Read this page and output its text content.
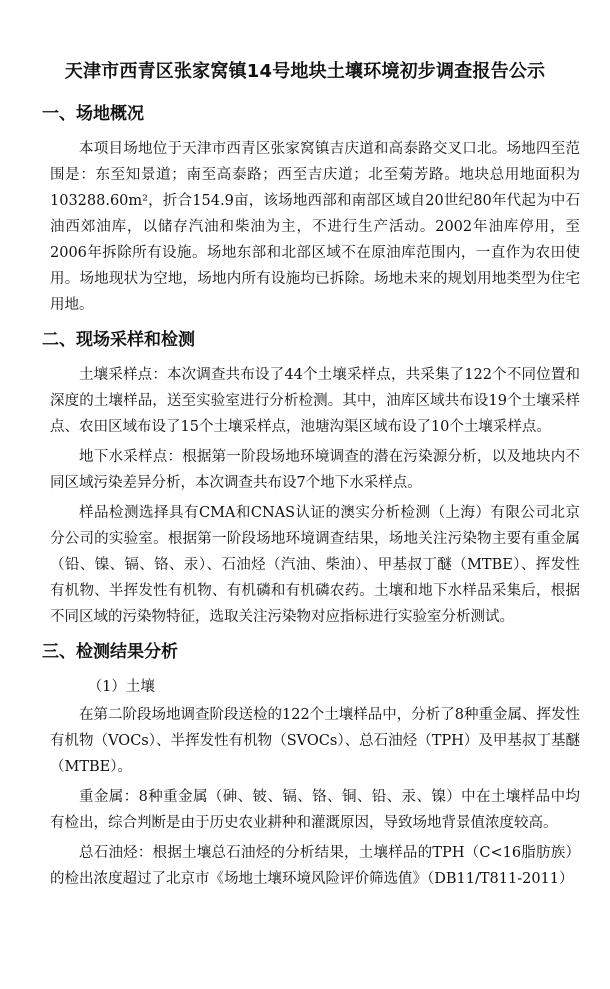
天津市西青区张家窝镇14号地块土壤环境初步调查报告公示
一、场地概况

本项目场地位于天津市西青区张家窝镇吉庆道和高泰路交叉口北。场地四至范围是：东至知景道；南至高泰路；西至吉庆道；北至菊芳路。地块总用地面积为103288.60m²，折合154.9亩，该场地西部和南部区域自20世纪80年代起为中石油西郊油库，以储存汽油和柴油为主，不进行生产活动。2002年油库停用，至2006年拆除所有设施。场地东部和北部区域不在原油库范围内，一直作为农田使用。场地现状为空地，场地内所有设施均已拆除。场地未来的规划用地类型为住宅用地。

二、现场采样和检测

土壤采样点：本次调查共布设了44个土壤采样点，共采集了122个不同位置和深度的土壤样品，送至实验室进行分析检测。其中，油库区域共布设19个土壤采样点、农田区域布设了15个土壤采样点，池塘沟渠区域布设了10个土壤采样点。

地下水采样点：根据第一阶段场地环境调查的潜在污染源分析，以及地块内不同区域污染差异分析，本次调查共布设7个地下水采样点。

样品检测选择具有CMA和CNAS认证的澳实分析检测（上海）有限公司北京分公司的实验室。根据第一阶段场地环境调查结果，场地关注污染物主要有重金属（铅、镍、镉、铬、汞）、石油烃（汽油、柴油）、甲基叔丁醚（MTBE）、挥发性有机物、半挥发性有机物、有机磷和有机磷农药。土壤和地下水样品采集后，根据不同区域的污染物特征，选取关注污染物对应指标进行实验室分析测试。

三、检测结果分析
（1）土壤

在第二阶段场地调查阶段送检的122个土壤样品中，分析了8种重金属、挥发性有机物（VOCs）、半挥发性有机物（SVOCs）、总石油烃（TPH）及甲基叔丁基醚（MTBE）。

重金属：8种重金属（砷、铍、镉、铬、铜、铅、汞、镍）中在土壤样品中均有检出，综合判断是由于历史农业耕种和灌溉原因，导致场地背景值浓度较高。

总石油烃：根据土壤总石油烃的分析结果，土壤样品的TPH（C<16脂肪族）的检出浓度超过了北京市《场地土壤环境风险评价筛选值》（DB11/T811-2011）
